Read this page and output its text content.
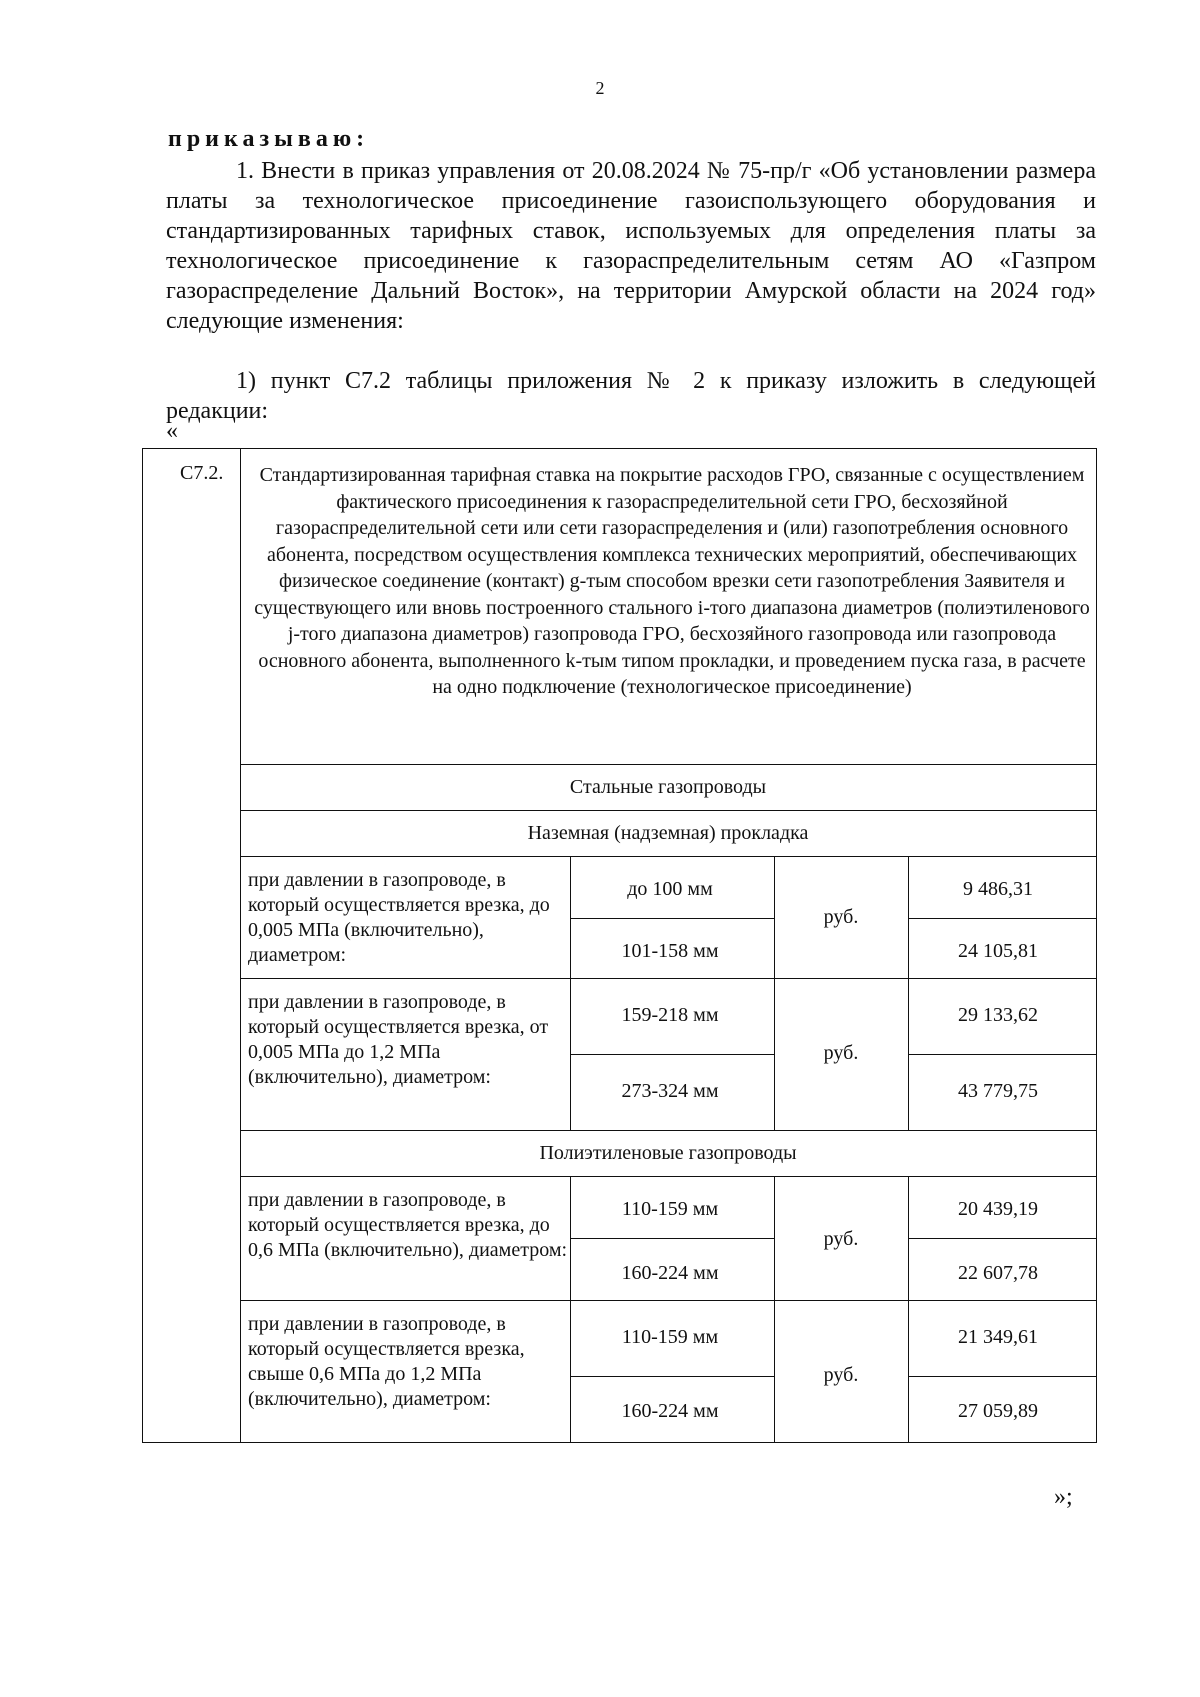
2
приказываю:
1. Внести в приказ управления от 20.08.2024 № 75-пр/г «Об установлении размера платы за технологическое присоединение газоиспользующего оборудования и стандартизированных тарифных ставок, используемых для определения платы за технологическое присоединение к газораспределительным сетям АО «Газпром газораспределение Дальний Восток», на территории Амурской области на 2024 год» следующие изменения:
1) пункт С7.2 таблицы приложения № 2 к приказу изложить в следующей редакции:
«
С7.2.	Стандартизированная тарифная ставка на покрытие расходов ГРО, связанные с осуществлением фактического присоединения к газораспределительной сети ГРО, бесхозяйной газораспределительной сети или сети газораспределения и (или) газопотребления основного абонента, посредством осуществления комплекса технических мероприятий, обеспечивающих физическое соединение (контакт) g-тым способом врезки сети газопотребления Заявителя и существующего или вновь построенного стального i-того диапазона диаметров (полиэтиленового j-того диапазона диаметров) газопровода ГРО, бесхозяйного газопровода или газопровода основного абонента, выполненного k-тым типом прокладки, и проведением пуска газа, в расчете на одно подключение (технологическое присоединение)
Стальные газопроводы
Наземная (надземная) прокладка
Полиэтиленовые газопроводы
при давлении в газопроводе, в который осуществляется врезка, до 0,005 МПа (включительно), диаметром:
до 100 мм
101-158 мм
руб.
9 486,31
24 105,81
при давлении в газопроводе, в который осуществляется врезка, от 0,005 МПа до 1,2 МПа (включительно), диаметром:
159-218 мм
273-324 мм
руб.
29 133,62
43 779,75
при давлении в газопроводе, в который осуществляется врезка, до 0,6 МПа (включительно), диаметром:
110-159 мм
160-224 мм
руб.
20 439,19
22 607,78
при давлении в газопроводе, в который осуществляется врезка, свыше 0,6 МПа до 1,2 МПа (включительно), диаметром:
110-159 мм
160-224 мм
руб.
21 349,61
27 059,89
»;
